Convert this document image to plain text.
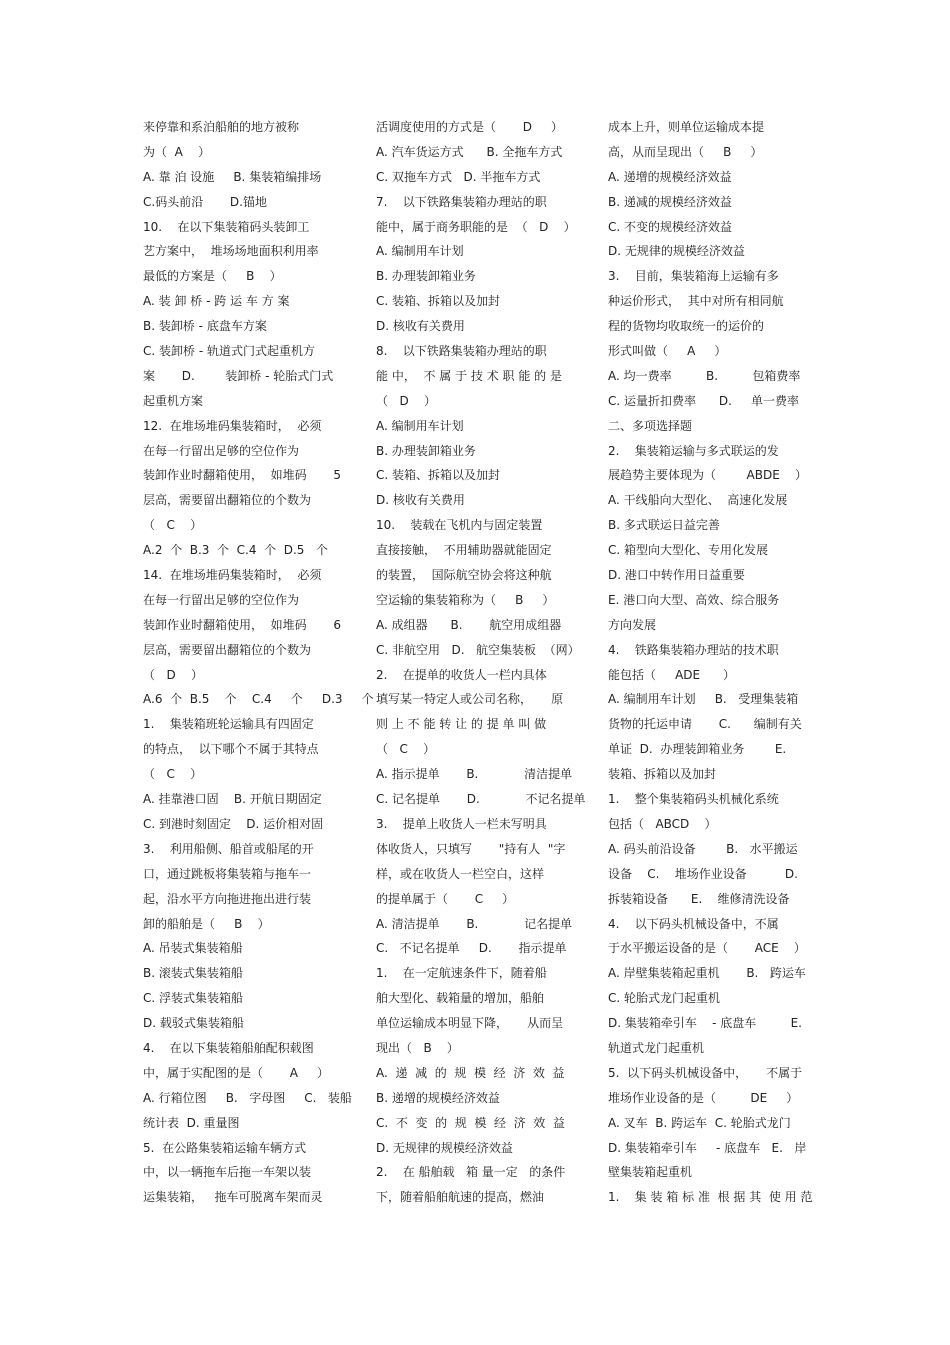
来停靠和系泊船舶的地方被称
为（  A    ）
A. 靠 泊 设施     B. 集装箱编排场
C.码头前沿       D.锚地
10.    在以下集装箱码头装卸工
艺方案中，  堆场场地面积利用率
最低的方案是（     B    ）
A. 装 卸 桥 - 跨 运 车 方 案
B. 装卸桥 - 底盘车方案
C. 装卸桥 - 轨道式门式起重机方
案       D.        装卸桥 - 轮胎式门式
起重机方案
12.  在堆场堆码集装箱时，  必须
在每一行留出足够的空位作为
装卸作业时翻箱使用，  如堆码       5
层高，需要留出翻箱位的个数为
（   C    ）
A.2  个  B.3  个  C.4  个  D.5   个
14.  在堆场堆码集装箱时，  必须
在每一行留出足够的空位作为
装卸作业时翻箱使用，  如堆码       6
层高，需要留出翻箱位的个数为
（   D    ）
A.6  个  B.5    个    C.4     个     D.3     个
1.    集装箱班轮运输具有四固定
的特点，  以下哪个不属于其特点
（   C    ）
A. 挂靠港口固    B. 开航日期固定
C. 到港时刻固定    D. 运价相对固
3.    利用船侧、船首或船尾的开
口，通过跳板将集装箱与拖车一
起，沿水平方向拖进拖出进行装
卸的船舶是（     B    ）
A. 吊装式集装箱船
B. 滚装式集装箱船
C. 浮装式集装箱船
D. 载驳式集装箱船
4.    在以下集装箱船舶配积载图
中，属于实配图的是（       A     ）
A. 行箱位图     B.   字母图     C.   装船
统计表  D. 重量图
5.  在公路集装箱运输车辆方式
中，以一辆拖车后拖一车架以装
运集装箱，   拖车可脱离车架而灵
活调度使用的方式是（       D     ）
A. 汽车货运方式      B. 全拖车方式
C. 双拖车方式   D. 半拖车方式
7.    以下铁路集装箱办理站的职
能中，属于商务职能的是  （   D    ）
A. 编制用车计划
B. 办理装卸箱业务
C. 装箱、拆箱以及加封
D. 核收有关费用
8.    以下铁路集装箱办理站的职
能 中，  不 属 于 技 术 职 能 的 是
（   D    ）
A. 编制用车计划
B. 办理装卸箱业务
C. 装箱、拆箱以及加封
D. 核收有关费用
10.    装载在飞机内与固定装置
直接接触，  不用辅助器就能固定
的装置，  国际航空协会将这种航
空运输的集装箱称为（     B     ）
A. 成组器      B.       航空用成组器
C. 非航空用   D.   航空集装板  （网）
2.    在提单的收货人一栏内具体
填写某一特定人或公司名称，     原
则 上 不 能 转 让 的 提 单 叫 做
（   C    ）
A. 指示提单       B.            清洁提单
C. 记名提单       D.            不记名提单
3.    提单上收货人一栏未写明具
体收货人，只填写       "持有人  "字
样，或在收货人一栏空白，这样
的提单属于（       C     ）
A. 清洁提单       B.            记名提单
C.   不记名提单     D.       指示提单
1.    在一定航速条件下，随着船
舶大型化、载箱量的增加，船舶
单位运输成本明显下降，     从而呈
现出（   B    ）
A.  递  减  的  规  模  经  济  效  益
B. 递增的规模经济效益
C.  不  变  的  规  模  经  济  效  益
D. 无规律的规模经济效益
2.    在 船舶载   箱 量一定   的条件
下，随着船舶航速的提高，燃油
成本上升，则单位运输成本提
高，从而呈现出（     B     ）
A. 递增的规模经济效益
B. 递减的规模经济效益
C. 不变的规模经济效益
D. 无规律的规模经济效益
3.    目前，集装箱海上运输有多
种运价形式，  其中对所有相同航
程的货物均收取统一的运价的
形式叫做（     A     ）
A. 均一费率         B.         包箱费率
C. 运量折扣费率      D.     单一费率
二、多项选择题
2.    集装箱运输与多式联运的发
展趋势主要体现为（        ABDE    ）
A. 干线船向大型化、  高速化发展
B. 多式联运日益完善
C. 箱型向大型化、专用化发展
D. 港口中转作用日益重要
E. 港口向大型、高效、综合服务
方向发展
4.    铁路集装箱办理站的技术职
能包括（     ADE      ）
A. 编制用车计划     B.   受理集装箱
货物的托运申请       C.      编制有关
单证  D.  办理装卸箱业务        E.
装箱、拆箱以及加封
1.    整个集装箱码头机械化系统
包括（   ABCD    ）
A. 码头前沿设备        B.   水平搬运
设备    C.    堆场作业设备          D.
拆装箱设备      E.    维修清洗设备
4.    以下码头机械设备中，不属
于水平搬运设备的是（       ACE    ）
A. 岸壁集装箱起重机       B.   跨运车
C. 轮胎式龙门起重机
D. 集装箱牵引车    - 底盘车         E.
轨道式龙门起重机
5.  以下码头机械设备中，     不属于
堆场作业设备的是（         DE     ）
A. 叉车  B. 跨运车  C. 轮胎式龙门
D. 集装箱牵引车     - 底盘车   E.   岸
壁集装箱起重机
1.    集 装 箱 标 准  根 据 其  使 用 范
